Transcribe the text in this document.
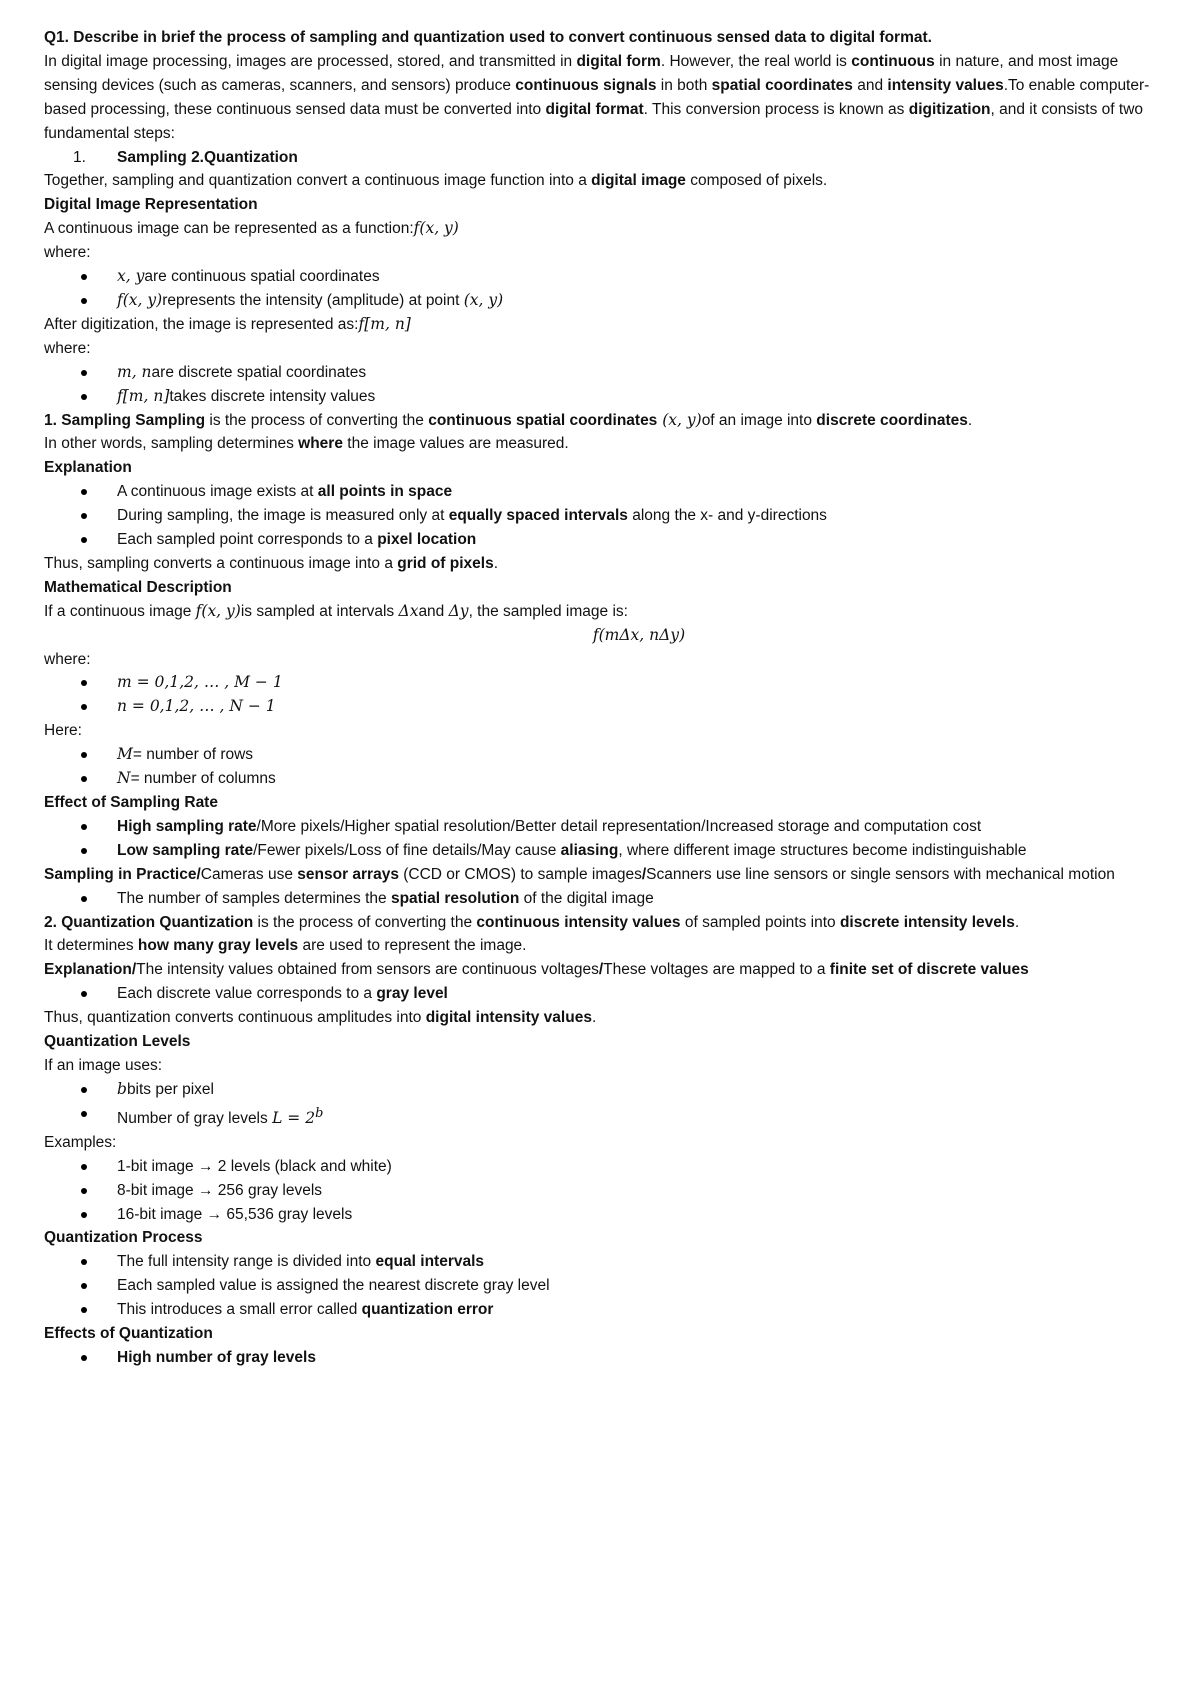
Q1. Describe in brief the process of sampling and quantization used to convert continuous sensed data to digital format.
In digital image processing, images are processed, stored, and transmitted in digital form. However, the real world is continuous in nature, and most image sensing devices (such as cameras, scanners, and sensors) produce continuous signals in both spatial coordinates and intensity values.To enable computer-based processing, these continuous sensed data must be converted into digital format. This conversion process is known as digitization, and it consists of two fundamental steps:
1. Sampling 2.Quantization
Together, sampling and quantization convert a continuous image function into a digital image composed of pixels.
Digital Image Representation
A continuous image can be represented as a function:f(x, y)
where:
x, yare continuous spatial coordinates
f(x, y)represents the intensity (amplitude) at point (x, y)
After digitization, the image is represented as:f[m, n]
where:
m, nare discrete spatial coordinates
f[m, n]takes discrete intensity values
1. Sampling Sampling is the process of converting the continuous spatial coordinates (x, y)of an image into discrete coordinates.
In other words, sampling determines where the image values are measured.
Explanation
A continuous image exists at all points in space
During sampling, the image is measured only at equally spaced intervals along the x- and y-directions
Each sampled point corresponds to a pixel location
Thus, sampling converts a continuous image into a grid of pixels.
Mathematical Description
If a continuous image f(x, y)is sampled at intervals Δxand Δy, the sampled image is:
f(mΔx, nΔy)
where:
m = 0,1,2, … , M − 1
n = 0,1,2, … , N − 1
Here:
M= number of rows
N= number of columns
Effect of Sampling Rate
High sampling rate/More pixels/Higher spatial resolution/Better detail representation/Increased storage and computation cost
Low sampling rate/Fewer pixels/Loss of fine details/May cause aliasing, where different image structures become indistinguishable
Sampling in Practice/Cameras use sensor arrays (CCD or CMOS) to sample images/Scanners use line sensors or single sensors with mechanical motion
The number of samples determines the spatial resolution of the digital image
2. Quantization Quantization is the process of converting the continuous intensity values of sampled points into discrete intensity levels.
It determines how many gray levels are used to represent the image.
Explanation/The intensity values obtained from sensors are continuous voltages/These voltages are mapped to a finite set of discrete values
Each discrete value corresponds to a gray level
Thus, quantization converts continuous amplitudes into digital intensity values.
Quantization Levels
If an image uses:
bbits per pixel
Number of gray levels $L = 2^b$
Examples:
1-bit image → 2 levels (black and white)
8-bit image → 256 gray levels
16-bit image → 65,536 gray levels
Quantization Process
The full intensity range is divided into equal intervals
Each sampled value is assigned the nearest discrete gray level
This introduces a small error called quantization error
Effects of Quantization
High number of gray levels
